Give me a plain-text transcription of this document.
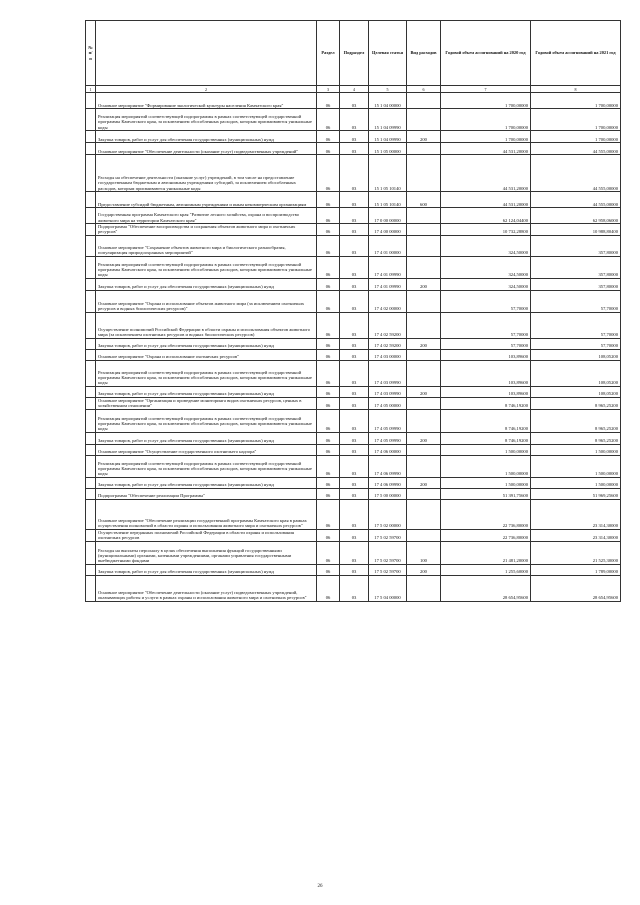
№ п/п		Раздел	Подраздел	Целевая статья	Вид расходов	Годовой объем ассигнований на 2020 год	Годовой объем ассигнований на 2021 год
1	2	3	4	5	6	7	8
	Основное мероприятие "Формирование экологической культуры населения Камчатского края"	06	03	15 1 04 00000		1 700,00000	1 700,00000
	Реализация мероприятий соответствующей подпрограммы в рамках соответствующей государственной программы Камчатского края, за исключением обособленных расходов, которым присваиваются уникальные коды	06	03	15 1 04 09990		1 700,00000	1 700,00000
	Закупка товаров, работ и услуг для обеспечения государственных (муниципальных) нужд	06	03	15 1 04 09990	200	1 700,00000	1 700,00000
	Основное мероприятие "Обеспечение деятельности (оказание услуг) подведомственных учреждений"	06	03	15 1 05 00000		44 531,20000	44 555,00000
	Расходы на обеспечение деятельности (оказание услуг) учреждений, в том числе на предоставление государственным бюджетным и автономным учреждениям субсидий, за исключением обособленных расходов, которым присваиваются уникальные коды	06	03	15 1 05 10140		44 531,20000	44 555,00000
	Предоставление субсидий бюджетным, автономным учреждениям и иным некоммерческим организациям	06	03	15 1 05 10140	600	44 531,20000	44 555,00000
	Государственная программа Камчатского края "Развитие лесного хозяйства, охрана и воспроизводство животного мира на территории Камчатского края"	06	03	17 0 00 00000		62 124,04400	62 958,06000
	Подпрограмма "Обеспечение воспроизводства и сохранения объектов животного мира и охотничьих ресурсов"	06	03	17 4 00 00000		10 732,28800	10 988,80400
	Основное мероприятие "Сохранение объектов животного мира и биологического разнообразия, популяризация природоохранных мероприятий"	06	03	17 4 01 00000		324,50000	357,80000
	Реализация мероприятий соответствующей подпрограммы в рамках соответствующей государственной программы Камчатского края, за исключением обособленных расходов, которым присваиваются уникальные коды	06	03	17 4 01 09990		324,50000	357,80000
	Закупка товаров, работ и услуг для обеспечения государственных (муниципальных) нужд	06	03	17 4 01 09990	200	324,50000	357,80000
	Основное мероприятие "Охрана и использование объектов животного мира (за исключением охотничьих ресурсов и водных биологических ресурсов)"	06	03	17 4 02 00000		57,70000	57,70000
	Осуществление полномочий Российской Федерации в области охраны и использования объектов животного мира (за исключением охотничьих ресурсов и водных биологических ресурсов)	06	03	17 4 02 59200		57,70000	57,70000
	Закупка товаров, работ и услуг для обеспечения государственных (муниципальных) нужд	06	03	17 4 02 59200	200	57,70000	57,70000
	Основное мероприятие "Охрана и использование охотничьих ресурсов"	06	03	17 4 03 00000		103,89600	108,05200
	Реализация мероприятий соответствующей подпрограммы в рамках соответствующей государственной программы Камчатского края, за исключением обособленных расходов, которым присваиваются уникальные коды	06	03	17 4 03 09990		103,89600	108,05200
	Закупка товаров, работ и услуг для обеспечения государственных (муниципальных) нужд	06	03	17 4 03 09990	200	103,89600	108,05200
	Основное мероприятие "Организация и проведение мониторинга видов охотничьих ресурсов, ценных в хозяйственном отношении"	06	03	17 4 05 00000		8 746,19200	8 965,25200
	Реализация мероприятий соответствующей подпрограммы в рамках соответствующей государственной программы Камчатского края, за исключением обособленных расходов, которым присваиваются уникальные коды	06	03	17 4 05 09990		8 746,19200	8 965,25200
	Закупка товаров, работ и услуг для обеспечения государственных (муниципальных) нужд	06	03	17 4 05 09990	200	8 746,19200	8 965,25200
	Основное мероприятие "Осуществление государственного охотничьего надзора"	06	03	17 4 06 00000		1 500,00000	1 500,00000
	Реализация мероприятий соответствующей подпрограммы в рамках соответствующей государственной программы Камчатского края, за исключением обособленных расходов, которым присваиваются уникальные коды	06	03	17 4 06 09990		1 500,00000	1 500,00000
	Закупка товаров, работ и услуг для обеспечения государственных (муниципальных) нужд	06	03	17 4 06 09990	200	1 500,00000	1 500,00000
	Подпрограмма "Обеспечение реализации Программы"	06	03	17 5 00 00000		51 391,75600	51 969,25600
	Основное мероприятие "Обеспечение реализации государственной программы Камчатского края в рамках осуществления полномочий в области охраны и использования животного мира и охотничьих ресурсов"	06	03	17 5 02 00000		22 736,80000	23 314,30000
	Осуществление переданных полномочий Российской Федерации в области охраны и использования охотничьих ресурсов	06	03	17 5 02 59700		22 736,80000	23 314,30000
	Расходы на выплаты персоналу в целях обеспечения выполнения функций государственными (муниципальными) органами, казенными учреждениями, органами управления государственными внебюджетными фондами	06	03	17 5 02 59700	100	21 481,20000	21 525,30000
	Закупка товаров, работ и услуг для обеспечения государственных (муниципальных) нужд	06	03	17 5 02 59700	200	1 255,60000	1 789,00000
	Основное мероприятие "Обеспечение деятельности (оказание услуг) подведомственных учреждений, оказывающих работы и услуги в рамках охраны и использования животного мира и охотничьих ресурсов"	06	03	17 5 04 00000		28 654,95600	28 654,95600
26
